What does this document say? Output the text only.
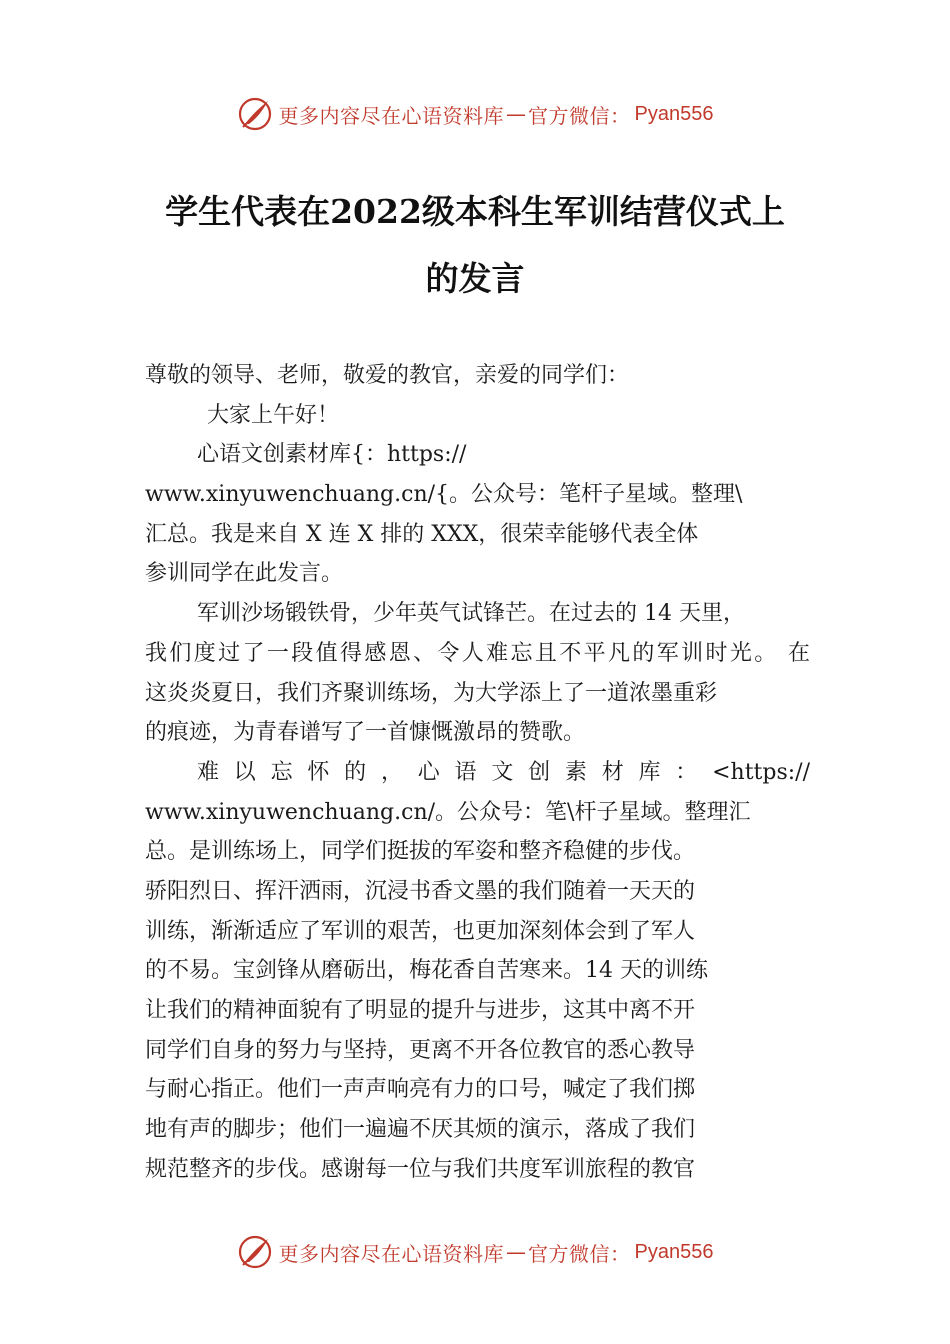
更多内容尽在心语资料库 — 官方微信： Pyan556
学生代表在2022级本科生军训结营仪式上
的发言
尊敬的领导、老师，敬爱的教官，亲爱的同学们：
大家上午好！
心语文创素材库{：https://
www.xinyuwenchuang.cn/{。公众号：笔杆子星域。整理\
汇总。我是来自 X 连 X 排的 XXX，很荣幸能够代表全体
参训同学在此发言。
军训沙场锻铁骨，少年英气试锋芒。在过去的 14 天里，
我们度过了一段值得感恩、令人难忘且不平凡的军训时光。 在
这炎炎夏日，我们齐聚训练场，为大学添上了一道浓墨重彩
的痕迹，为青春谱写了一首慷慨激昂的赞歌。
难以忘怀的，心语文创素材库：<https://
www.xinyuwenchuang.cn/。公众号：笔\杆子星域。整理汇
总。是训练场上，同学们挺拔的军姿和整齐稳健的步伐。
骄阳烈日、挥汗洒雨，沉浸书香文墨的我们随着一天天的
训练，渐渐适应了军训的艰苦，也更加深刻体会到了军人
的不易。宝剑锋从磨砺出，梅花香自苦寒来。14 天的训练
让我们的精神面貌有了明显的提升与进步，这其中离不开
同学们自身的努力与坚持，更离不开各位教官的悉心教导
与耐心指正。他们一声声响亮有力的口号，喊定了我们掷
地有声的脚步；他们一遍遍不厌其烦的演示，落成了我们
规范整齐的步伐。感谢每一位与我们共度军训旅程的教官
更多内容尽在心语资料库 — 官方微信： Pyan556
